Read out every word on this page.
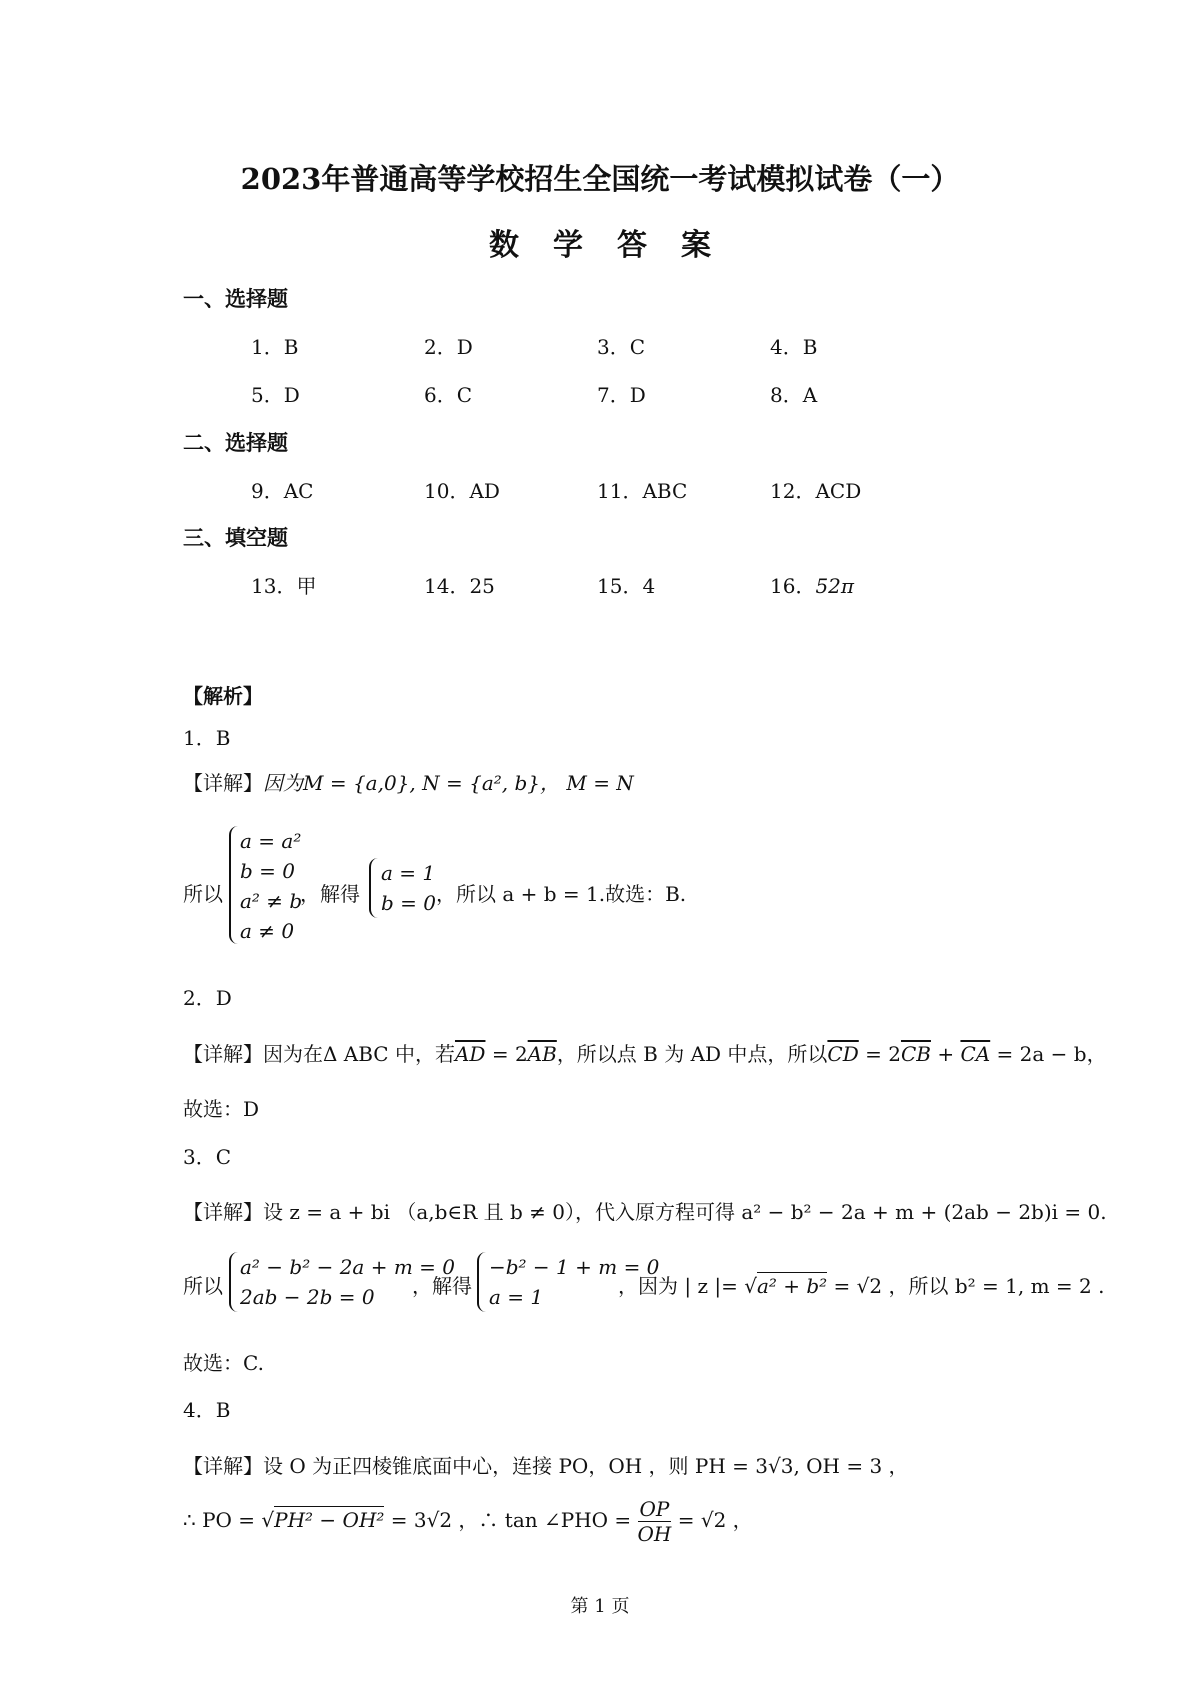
2023年普通高等学校招生全国统一考试模拟试卷（一）
数学答案
一、选择题
1．B	2．D	3．C	4．B
5．D	6．C	7．D	8．A
二、选择题
9．AC	10．AD	11．ABC	12．ACD
三、填空题
13．甲	14．25	15．4	16．52π
【解析】
1．B
【详解】因为M = {a,0}, N = {a², b}， M = N
所以
a = a²
b = 0
a² ≠ b
a ≠ 0
，解得
a = 1
b = 0 ，所以 a + b = 1.故选：B.
2．D
【详解】因为在Δ ABC 中，若$\overline{AD} = 2\overline{AB}$，所以点 B 为 AD 中点，所以$\overline{CD} = 2\overline{CB} + \overline{CA} = 2a - b$，
故选：D
3．C
【详解】设 z = a + bi （a,b∈R 且 b ≠ 0），代入原方程可得 a² − b² − 2a + m + (2ab − 2b)i = 0.
所以
a² − b² − 2a + m = 0
2ab − 2b = 0	，解得
−b² − 1 + m = 0
a = 1	，因为 | z |= √a² + b² = √2 ，所以 b² = 1, m = 2 .
故选：C.
4．B
【详解】设 O 为正四棱锥底面中心，连接 PO，OH ，则 PH = 3√3, OH = 3 ，
∴ PO = √PH² − OH² = 3√2 ，∴ tan ∠PHO = $\frac{OP}{OH} = √2$ ，
第 1 页
